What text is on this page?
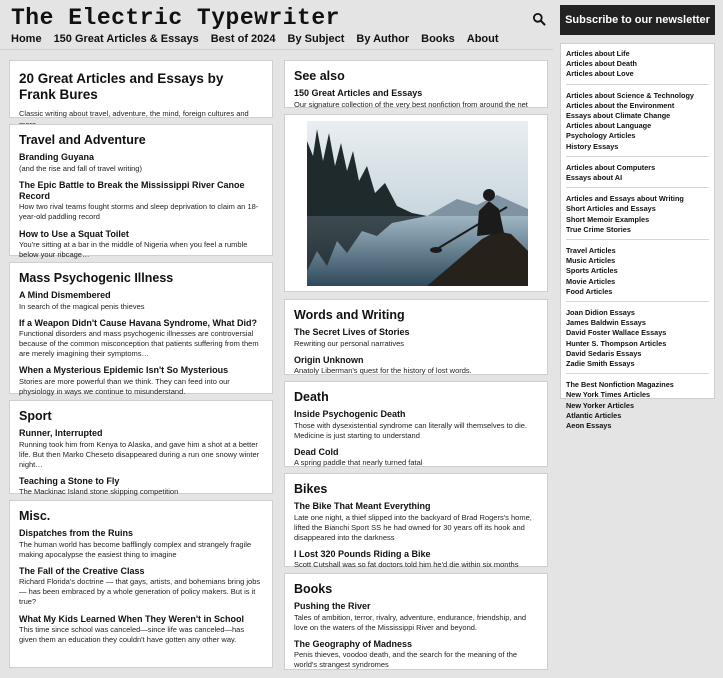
The Electric Typewriter	Subscribe to our newsletter
Home 150 Great Articles & Essays Best of 2024 By Subject By Author Books About
20 Great Articles and Essays by Frank Bures
Classic writing about travel, adventure, the mind, foreign cultures and
Travel and Adventure
Branding Guyana
(and the rise and fall of travel writing)
The Epic Battle to Break the Mississippi River Canoe Record
How two rival teams fought storms and sleep deprivation to claim an 18-year-old paddling record
How to Use a Squat Toilet
You're sitting at a bar in the middle of Nigeria when you feel a rumble below your ribcage…
Mass Psychogenic Illness
A Mind Dismembered
In search of the magical penis thieves
If a Weapon Didn't Cause Havana Syndrome, What Did?
Functional disorders and mass psychogenic illnesses are controversial because of the common misconception that patients suffering from them are merely imagining their symptoms…
When a Mysterious Epidemic Isn't So Mysterious
Stories are more powerful than we think. They can feed into our physiology in ways we continue to misunderstand.
Sport
Runner, Interrupted
Running took him from Kenya to Alaska, and gave him a shot at a better life. But then Marko Cheseto disappeared during a run one snowy winter night…
Teaching a Stone to Fly
The Mackinac Island stone skipping competition
Misc.
Dispatches from the Ruins
The human world has become bafflingly complex and strangely fragile making apocalypse the easiest thing to imagine
The Fall of the Creative Class
Richard Florida's doctrine — that gays, artists, and bohemians bring jobs — has been embraced by a whole generation of policy makers. But is it true?
What My Kids Learned When They Weren't in School
This time since school was canceled—since life was canceled—has given them an education they couldn't have gotten any other way.
See also
150 Great Articles and Essays
Our signature collection of the very best nonfiction from around the net
Words and Writing
The Secret Lives of Stories
Rewriting our personal narratives
Origin Unknown
Anatoly Liberman's quest for the history of lost words.
Death
Inside Psychogenic Death
Those with dysexistential syndrome can literally will themselves to die. Medicine is just starting to understand
Dead Cold
A spring paddle that nearly turned fatal
Bikes
The Bike That Meant Everything
Late one night, a thief slipped into the backyard of Brad Rogers's home, lifted the Bianchi Sport SS he had owned for 30 years off its hook and disappeared into the darkness
I Lost 320 Pounds Riding a Bike
Scott Cutshall was so fat doctors told him he'd die within six months
Books
Pushing the River
Tales of ambition, terror, rivalry, adventure, endurance, friendship, and love on the waters of the Mississippi River and beyond.
The Geography of Madness
Penis thieves, voodoo death, and the search for the meaning of the world's strangest syndromes
Articles about Life
Articles about Death
Articles about Love
Articles about Science & Technology
Articles about the Environment
Essays about Climate Change
Articles about Language
Psychology Articles
History Essays
Articles about Computers
Essays about AI
Articles and Essays about Writing
Short Articles and Essays
Short Memoir Examples
True Crime Stories
Travel Articles
Music Articles
Sports Articles
Movie Articles
Food Articles
Joan Didion Essays
James Baldwin Essays
David Foster Wallace Essays
Hunter S. Thompson Articles
David Sedaris Essays
Zadie Smith Essays
The Best Nonfiction Magazines
New York Times Articles
New Yorker Articles
Atlantic Articles
Aeon Essays
